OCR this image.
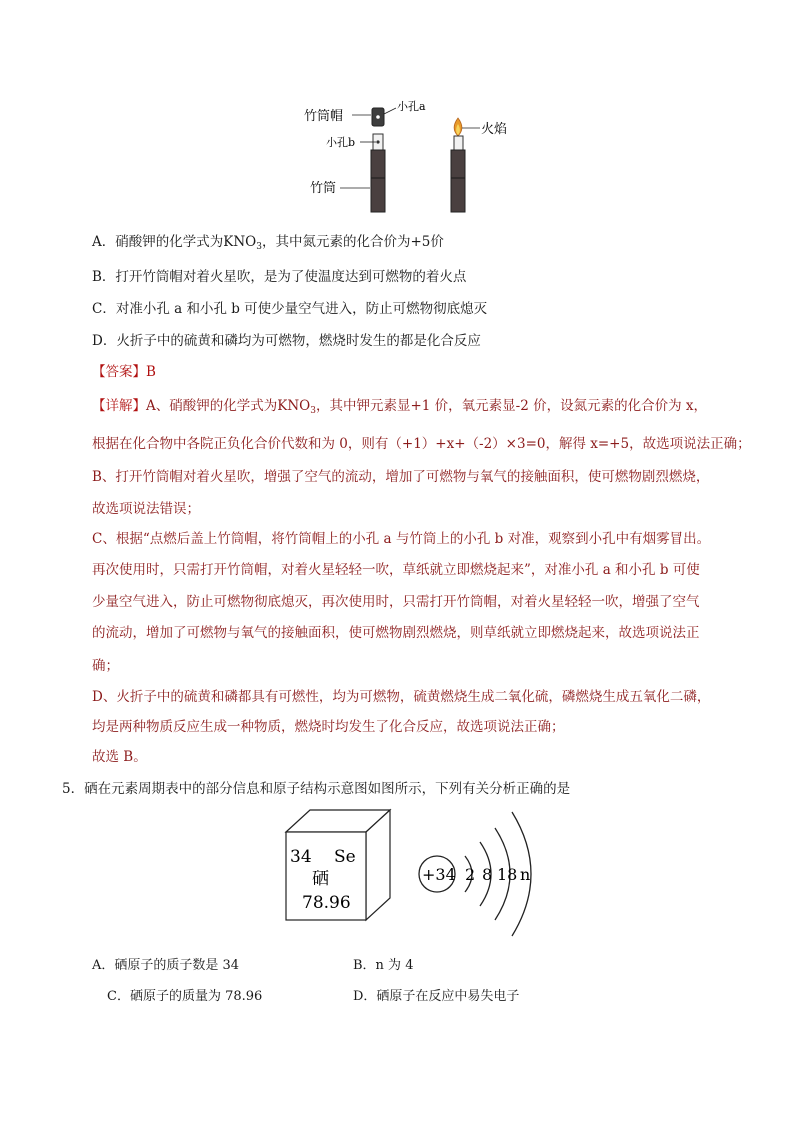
竹筒帽
小孔a
小孔b
竹筒
火焰
A．硝酸钾的化学式为$KNO_3$，其中氮元素的化合价为+5价
B．打开竹筒帽对着火星吹，是为了使温度达到可燃物的着火点
C．对准小孔 a 和小孔 b 可使少量空气进入，防止可燃物彻底熄灭
D．火折子中的硫黄和磷均为可燃物，燃烧时发生的都是化合反应
【答案】B
【详解】A、硝酸钾的化学式为$KNO_3$，其中钾元素显+1 价，氧元素显-2 价，设氮元素的化合价为 x，
根据在化合物中各院正负化合价代数和为 0，则有（+1）+x+（-2）×3=0，解得 x=+5，故选项说法正确；
B、打开竹筒帽对着火星吹，增强了空气的流动，增加了可燃物与氧气的接触面积，使可燃物剧烈燃烧，
故选项说法错误；
C、根据“点燃后盖上竹筒帽，将竹筒帽上的小孔 a 与竹筒上的小孔 b 对准，观察到小孔中有烟雾冒出。
再次使用时，只需打开竹筒帽，对着火星轻轻一吹，草纸就立即燃烧起来”，对准小孔 a 和小孔 b 可使
少量空气进入，防止可燃物彻底熄灭，再次使用时，只需打开竹筒帽，对着火星轻轻一吹，增强了空气
的流动，增加了可燃物与氧气的接触面积，使可燃物剧烈燃烧，则草纸就立即燃烧起来，故选项说法正
确；
D、火折子中的硫黄和磷都具有可燃性，均为可燃物，硫黄燃烧生成二氧化硫，磷燃烧生成五氧化二磷，
均是两种物质反应生成一种物质，燃烧时均发生了化合反应，故选项说法正确；
故选 B。
5．硒在元素周期表中的部分信息和原子结构示意图如图所示，下列有关分析正确的是
34 Se
硒
78.96
+34 2 8 18 n
A．硒原子的质子数是 34	B．n 为 4
C．硒原子的质量为 78.96	D．硒原子在反应中易失电子
